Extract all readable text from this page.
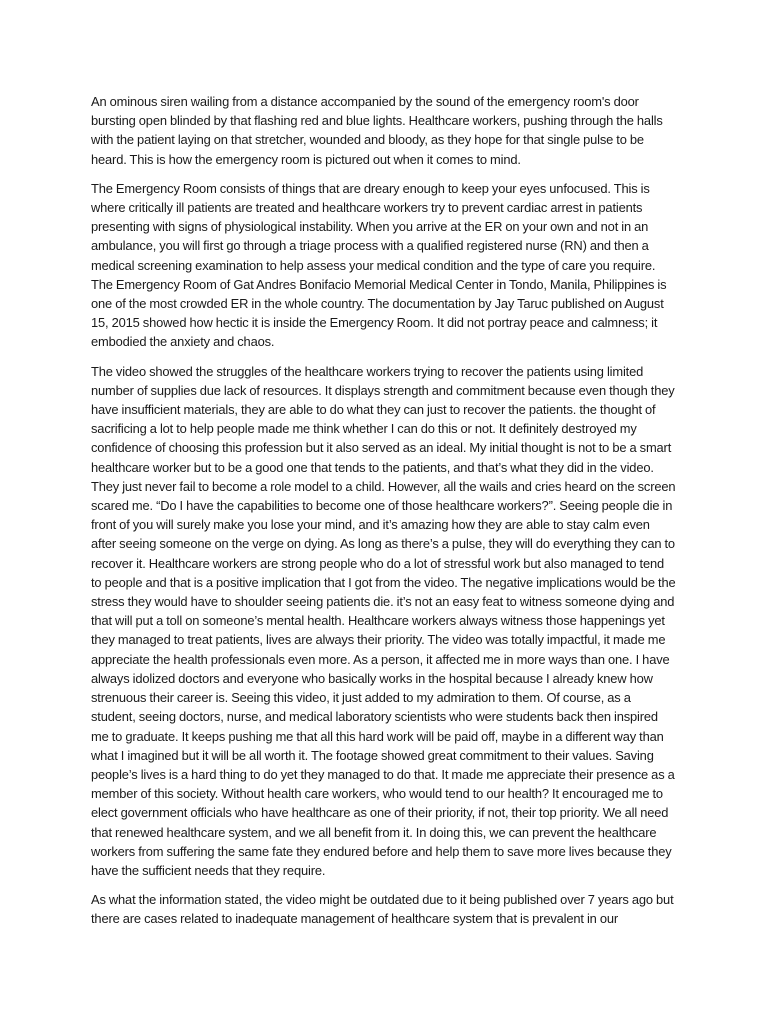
An ominous siren wailing from a distance accompanied by the sound of the emergency room's door bursting open blinded by that flashing red and blue lights. Healthcare workers, pushing through the halls with the patient laying on that stretcher, wounded and bloody, as they hope for that single pulse to be heard. This is how the emergency room is pictured out when it comes to mind.

The Emergency Room consists of things that are dreary enough to keep your eyes unfocused. This is where critically ill patients are treated and healthcare workers try to prevent cardiac arrest in patients presenting with signs of physiological instability. When you arrive at the ER on your own and not in an ambulance, you will first go through a triage process with a qualified registered nurse (RN) and then a medical screening examination to help assess your medical condition and the type of care you require. The Emergency Room of Gat Andres Bonifacio Memorial Medical Center in Tondo, Manila, Philippines is one of the most crowded ER in the whole country. The documentation by Jay Taruc published on August 15, 2015 showed how hectic it is inside the Emergency Room. It did not portray peace and calmness; it embodied the anxiety and chaos.

The video showed the struggles of the healthcare workers trying to recover the patients using limited number of supplies due lack of resources. It displays strength and commitment because even though they have insufficient materials, they are able to do what they can just to recover the patients. the thought of sacrificing a lot to help people made me think whether I can do this or not. It definitely destroyed my confidence of choosing this profession but it also served as an ideal. My initial thought is not to be a smart healthcare worker but to be a good one that tends to the patients, and that’s what they did in the video. They just never fail to become a role model to a child. However, all the wails and cries heard on the screen scared me. “Do I have the capabilities to become one of those healthcare workers?”. Seeing people die in front of you will surely make you lose your mind, and it’s amazing how they are able to stay calm even after seeing someone on the verge on dying. As long as there’s a pulse, they will do everything they can to recover it. Healthcare workers are strong people who do a lot of stressful work but also managed to tend to people and that is a positive implication that I got from the video. The negative implications would be the stress they would have to shoulder seeing patients die. it’s not an easy feat to witness someone dying and that will put a toll on someone’s mental health. Healthcare workers always witness those happenings yet they managed to treat patients, lives are always their priority. The video was totally impactful, it made me appreciate the health professionals even more. As a person, it affected me in more ways than one. I have always idolized doctors and everyone who basically works in the hospital because I already knew how strenuous their career is. Seeing this video, it just added to my admiration to them. Of course, as a student, seeing doctors, nurse, and medical laboratory scientists who were students back then inspired me to graduate. It keeps pushing me that all this hard work will be paid off, maybe in a different way than what I imagined but it will be all worth it. The footage showed great commitment to their values. Saving people’s lives is a hard thing to do yet they managed to do that. It made me appreciate their presence as a member of this society. Without health care workers, who would tend to our health? It encouraged me to elect government officials who have healthcare as one of their priority, if not, their top priority. We all need that renewed healthcare system, and we all benefit from it. In doing this, we can prevent the healthcare workers from suffering the same fate they endured before and help them to save more lives because they have the sufficient needs that they require.

As what the information stated, the video might be outdated due to it being published over 7 years ago but there are cases related to inadequate management of healthcare system that is prevalent in our
